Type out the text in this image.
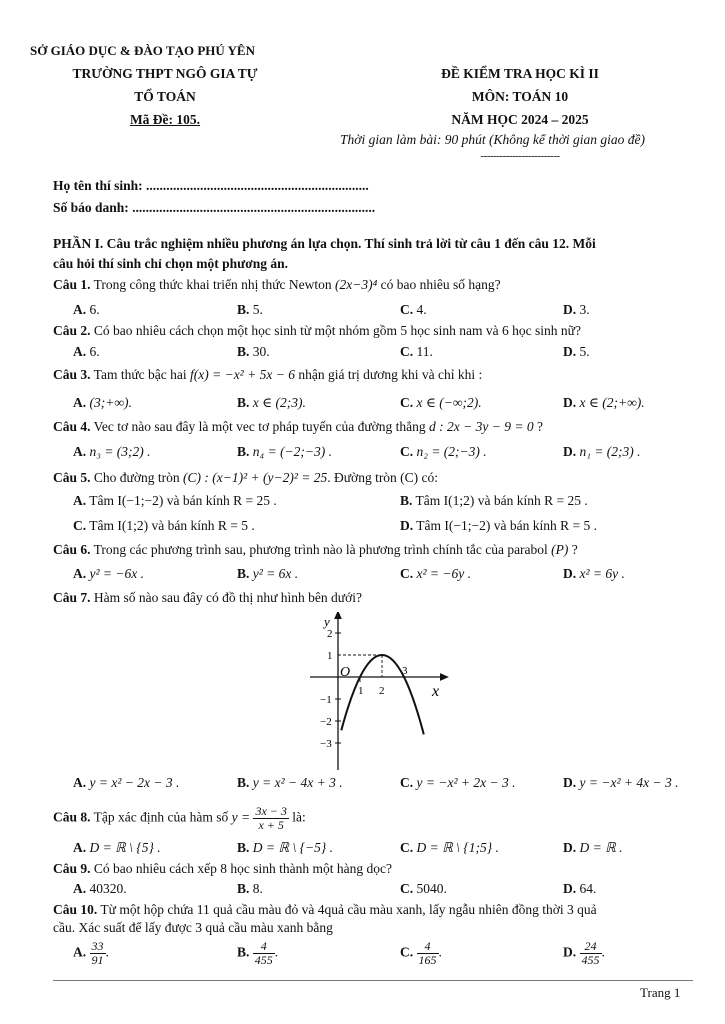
SỞ GIÁO DỤC & ĐÀO TẠO PHÚ YÊN
TRƯỜNG THPT NGÔ GIA TỰ
TỔ TOÁN
Mã Đề: 105.
ĐỀ KIỂM TRA HỌC KÌ II
MÔN: TOÁN 10
NĂM HỌC 2024 – 2025
Thời gian làm bài: 90 phút (Không kể thời gian giao đề)
-------------------------
Họ tên thí sinh: ..................................................................
Số báo danh: ........................................................................
PHẦN I. Câu trắc nghiệm nhiều phương án lựa chọn. Thí sinh trả lời từ câu 1 đến câu 12. Mỗi
câu hỏi thí sinh chỉ chọn một phương án.
Câu 1. Trong công thức khai triển nhị thức Newton (2x−3)⁴ có bao nhiêu số hạng?
A. 6.	B. 5.	C. 4.	D. 3.
Câu 2. Có bao nhiêu cách chọn một học sinh từ một nhóm gồm 5 học sinh nam và 6 học sinh nữ?
A. 6.	B. 30.	C. 11.	D. 5.
Câu 3. Tam thức bậc hai f(x) = −x² + 5x − 6 nhận giá trị dương khi và chỉ khi :
A. (3;+∞).	B. x ∈ (2;3).	C. x ∈ (−∞;2).	D. x ∈ (2;+∞).
Câu 4. Vec tơ nào sau đây là một vec tơ pháp tuyến của đường thẳng d : 2x − 3y − 9 = 0 ?
A. n₃ = (3;2) .	B. n₄ = (−2;−3) .	C. n₂ = (2;−3) .	D. n₁ = (2;3) .
Câu 5. Cho đường tròn (C) : (x−1)² + (y−2)² = 25. Đường tròn (C) có:
A. Tâm I(−1;−2) và bán kính R = 25 .	B. Tâm I(1;2) và bán kính R = 25 .
C. Tâm I(1;2) và bán kính R = 5 .	D. Tâm I(−1;−2) và bán kính R = 5 .
Câu 6. Trong các phương trình sau, phương trình nào là phương trình chính tắc của parabol (P) ?
A. y² = −6x .	B. y² = 6x .	C. x² = −6y .	D. x² = 6y .
Câu 7. Hàm số nào sau đây có đồ thị như hình bên dưới?
y
x
O
1 2
3
1
2
−1
−2
−3
A. y = x² − 2x − 3 .	B. y = x² − 4x + 3 .	C. y = −x² + 2x − 3 .	D. y = −x² + 4x − 3 .
Câu 8. Tập xác định của hàm số $y = \frac{3x - 3}{x + 5}$ là:
A. D = ℝ \ {5} .	B. D = ℝ \ {−5} .	C. D = ℝ \ {1;5} .	D. D = ℝ .
Câu 9. Có bao nhiêu cách xếp 8 học sinh thành một hàng dọc?
A. 40320.	B. 8.	C. 5040.	D. 64.
Câu 10. Từ một hộp chứa 11 quả cầu màu đỏ và 4quả cầu màu xanh, lấy ngẫu nhiên đồng thời 3 quả
cầu. Xác suất để lấy được 3 quả cầu màu xanh bằng
A. $\frac{33}{91}$ .	B. $\frac{4}{455}$ .	C. $\frac{4}{165}$ .	D. $\frac{24}{455}$ .
Trang 1
